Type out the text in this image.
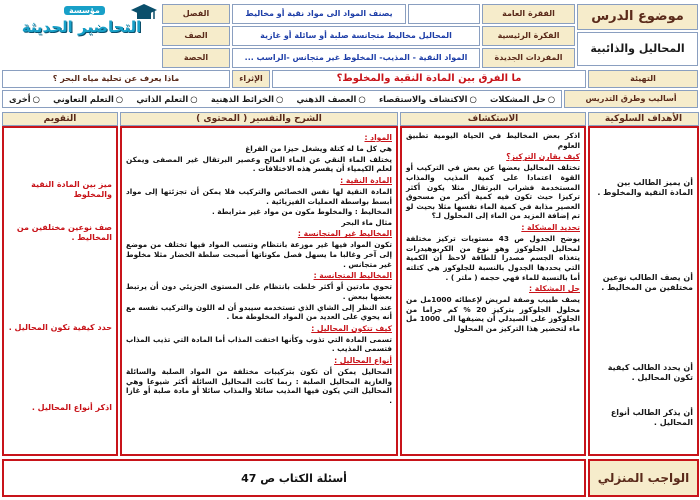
موضوع الدرس
الفقرة العامة
الفصل	يصنف المواد الى مواد نقية أو مخاليط
المحاليل والذائبية
الفكرة الرئيسية
المحاليل مخاليط متجانسة صلبة أو سائلة أو غازية
الصف
المفردات الجديدة
المواد النقية - المذيب- المخلوط غير متجانس -الراسب ...
الحصة
مؤسسة
التحاضير الحديثة
التهيئة
ما الفرق بين المادة النقية والمخلوط؟
الإثراء
ماذا يعرف عن تحلية مياه البحر ؟
أساليب وطرق التدريس
○ حل المشكلات
○ الاكتشاف والاستقصاء
○ العصف الذهني
○ الخرائط الذهنية
○ التعلم الذاتي
○ التعلم التعاوني
○ أخرى
الأهداف السلوكية
الاستكشاف
الشرح والتفسير ( المحتوى )
التقويم
أن يميز الطالب بين المادة النقية والمخلوط .
أن يصف الطالب نوعين مختلفين من المخاليط .
أن يحدد الطالب كيفية تكون المحاليل .
أن يذكر الطالب أنواع المحاليل .

اذكر بعض المخاليط في الحياة اليومية تطبيق العلوم

كيف يقارن التركيز؟

تختلف المحاليل بعضها عن بعض في التركيب أو القوة اعتمادا على كمية المذيب والمذاب المستخدمة فشراب البرتقال مثلا يكون أكثر تركيزا حيث تكون فيه كمية أكبر من مسحوق العصير مذابة في كمية الماء نفسها مثلا بحيث لو تم إضافة المزيد من الماء إلى المحلول لـ؟

تحديد المشكلة :

يوضح الجدول ص 43 مستويات تركيز مختلفة لمحاليل الجلوكوز وهو نوع من الكربوهيدرات يتغذاه الجسم مصدرا للطاقة لاحظ أن الكمية التي يحددها الجدول بالنسبة للجلوكوز هي كتلته أما بالنسبة للماء فهي حجمه ( ملتر ) .

حل المشكلة :

يصف طبيب وصفة لمريض لإعطائه 1000مل من محلول الجلوكوز بتركيز 20 % كم جراما من الجلوكوز على الصيدلي أن يضيفها الى 1000 مل ماء لتحضير هذا التركيز من المحلول

المواد :

هي كل ما له كتلة ويشغل حيزا من الفراغ

يختلف الماء النقي عن الماء المالح وعصير البرتقال غير المصفى ويمكن لعلم الكيمياء أن يفسر هذه الاختلافات .

المادة النقية :

المادة النقية لها نفس الخصائص والتركيب فلا يمكن أن تجزئتها إلى مواد أبسط بواسطة العمليات الفيزيائية .

المخاليط : والمخلوط مكون من مواد غير مترابطة .

مثال ماء البحر

المخاليط غير المتجانسة :

تكون المواد فيها غير موزعة بانتظام وتنسب المواد فيها تختلف من موضع إلى آخر وغالبا ما يسهل فصل مكوناتها أصبحت سلطة الخضار مثلا مخلوط غير متجانس .

المخاليط المتجانسة :

تحوي مادتين أو أكثر خلطت بانتظام على المستوى الجزيئي دون أن يرتبط بعضها ببعض .

عند النظر إلى الشاي الذي تستخدمه سيبدو أن له اللون والتركيب نفسه مع أنه يحوي على العديد من المواد المخلوطة معا .

كيف تتكون المحاليل :

تسمى المادة التي تذوب وكأنها اختفت المذاب أما المادة التي تذيب المذاب فتسمى المذيب .

أنواع المحاليل :

المحاليل يمكن أن تكون بتركيبات مختلفة من المواد الصلبة والسائلة والغازية المحاليل الصلبة : ربما كانت المحاليل السائلة أكثر شيوعا وهي المحاليل التي يكون فيها المذيب سائلا والمذاب سائلا أو مادة صلبة أو غازا .

ميز بين المادة النقية والمخلوط
صف نوعين مختلفين من المخاليط .
حدد كيفية تكون المحاليل .
اذكر أنواع المحاليل .
الواجب المنزلي
أسئلة الكتاب ص 47
